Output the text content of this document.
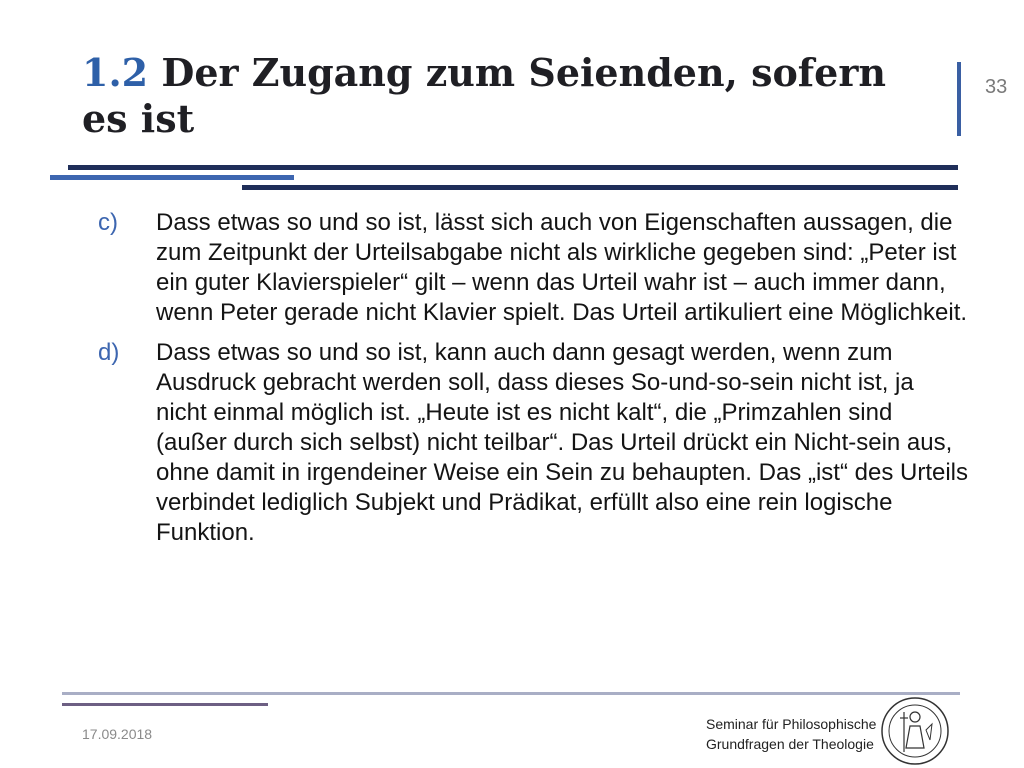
1.2 Der Zugang zum Seienden, sofern es ist
33
c)	Dass etwas so und so ist, lässt sich auch von Eigenschaften aussagen, die zum Zeitpunkt der Urteilsabgabe nicht als wirkliche gegeben sind: „Peter ist ein guter Klavierspieler“ gilt – wenn das Urteil wahr ist – auch immer dann, wenn Peter gerade nicht Klavier spielt. Das Urteil artikuliert eine Möglichkeit.
d)	Dass etwas so und so ist, kann auch dann gesagt werden, wenn zum Ausdruck gebracht werden soll, dass dieses So-und-so-sein nicht ist, ja nicht einmal möglich ist. „Heute ist es nicht kalt“, die „Primzahlen sind (außer durch sich selbst) nicht teilbar“. Das Urteil drückt ein Nicht-sein aus, ohne damit in irgendeiner Weise ein Sein zu behaupten. Das „ist“ des Urteils verbindet lediglich Subjekt und Prädikat, erfüllt also eine rein logische Funktion.
17.09.2018
Seminar für Philosophische
Grundfragen der Theologie
